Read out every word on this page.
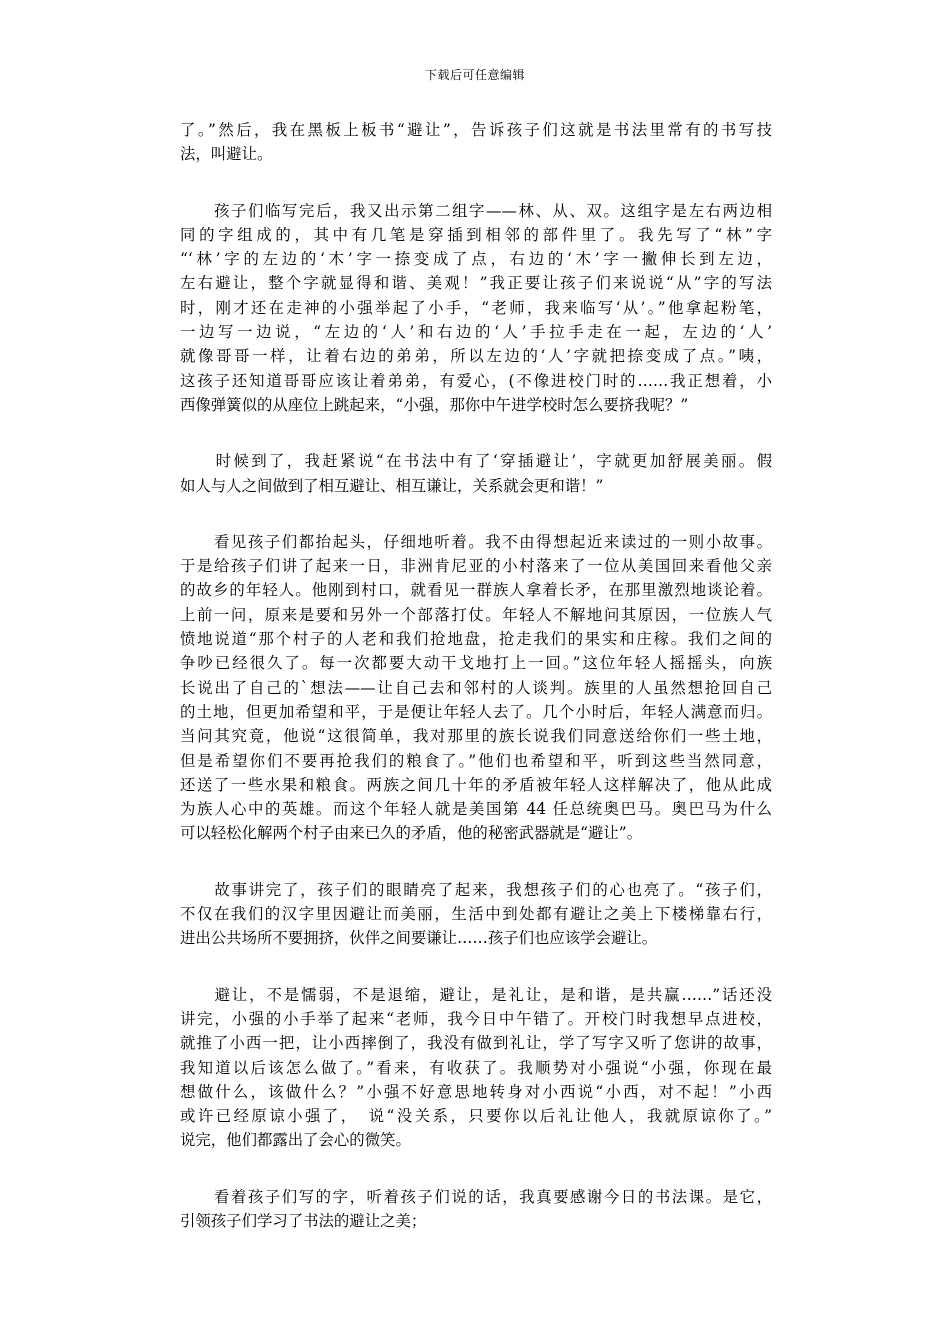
下载后可任意编辑
了。”然后，我在黑板上板书“避让”，告诉孩子们这就是书法里常有的书写技
法，叫避让。
　　孩子们临写完后，我又出示第二组字——林、从、双。这组字是左右两边相
同的字组成的，其中有几笔是穿插到相邻的部件里了。我先写了“林”字
“‘林’字的左边的‘木’字一捺变成了点，右边的‘木’字一撇伸长到左边，
左右避让，整个字就显得和谐、美观！”我正要让孩子们来说说“从”字的写法
时，刚才还在走神的小强举起了小手，“老师，我来临写‘从’。”他拿起粉笔，
一边写一边说，“左边的‘人’和右边的‘人’手拉手走在一起，左边的‘人’
就像哥哥一样，让着右边的弟弟，所以左边的‘人’字就把捺变成了点。”咦，
这孩子还知道哥哥应该让着弟弟，有爱心，(不像进校门时的……我正想着，小
西像弹簧似的从座位上跳起来，“小强，那你中午进学校时怎么要挤我呢？”
　　时候到了，我赶紧说“在书法中有了‘穿插避让’，字就更加舒展美丽。假
如人与人之间做到了相互避让、相互谦让，关系就会更和谐！”
　　看见孩子们都抬起头，仔细地听着。我不由得想起近来读过的一则小故事。
于是给孩子们讲了起来一日，非洲肯尼亚的小村落来了一位从美国回来看他父亲
的故乡的年轻人。他刚到村口，就看见一群族人拿着长矛，在那里激烈地谈论着。
上前一问，原来是要和另外一个部落打仗。年轻人不解地问其原因，一位族人气
愤地说道“那个村子的人老和我们抢地盘，抢走我们的果实和庄稼。我们之间的
争吵已经很久了。每一次都要大动干戈地打上一回。”这位年轻人摇摇头，向族
长说出了自己的`想法——让自己去和邻村的人谈判。族里的人虽然想抢回自己
的土地，但更加希望和平，于是便让年轻人去了。几个小时后，年轻人满意而归。
当问其究竟，他说“这很简单，我对那里的族长说我们同意送给你们一些土地，
但是希望你们不要再抢我们的粮食了。”他们也希望和平，听到这些当然同意，
还送了一些水果和粮食。两族之间几十年的矛盾被年轻人这样解决了，他从此成
为族人心中的英雄。而这个年轻人就是美国第 44 任总统奥巴马。奥巴马为什么
可以轻松化解两个村子由来已久的矛盾，他的秘密武器就是“避让”。
　　故事讲完了，孩子们的眼睛亮了起来，我想孩子们的心也亮了。“孩子们，
不仅在我们的汉字里因避让而美丽，生活中到处都有避让之美上下楼梯靠右行，
进出公共场所不要拥挤，伙伴之间要谦让……孩子们也应该学会避让。
　　避让，不是懦弱，不是退缩，避让，是礼让，是和谐，是共赢……”话还没
讲完，小强的小手举了起来“老师，我今日中午错了。开校门时我想早点进校，
就推了小西一把，让小西摔倒了，我没有做到礼让，学了写字又听了您讲的故事，
我知道以后该怎么做了。”看来，有收获了。我顺势对小强说“小强，你现在最
想做什么，该做什么？”小强不好意思地转身对小西说“小西，对不起！”小西
或许已经原谅小强了，　说“没关系，只要你以后礼让他人，我就原谅你了。”
说完，他们都露出了会心的微笑。
　　看着孩子们写的字，听着孩子们说的话，我真要感谢今日的书法课。是它，
引领孩子们学习了书法的避让之美；
